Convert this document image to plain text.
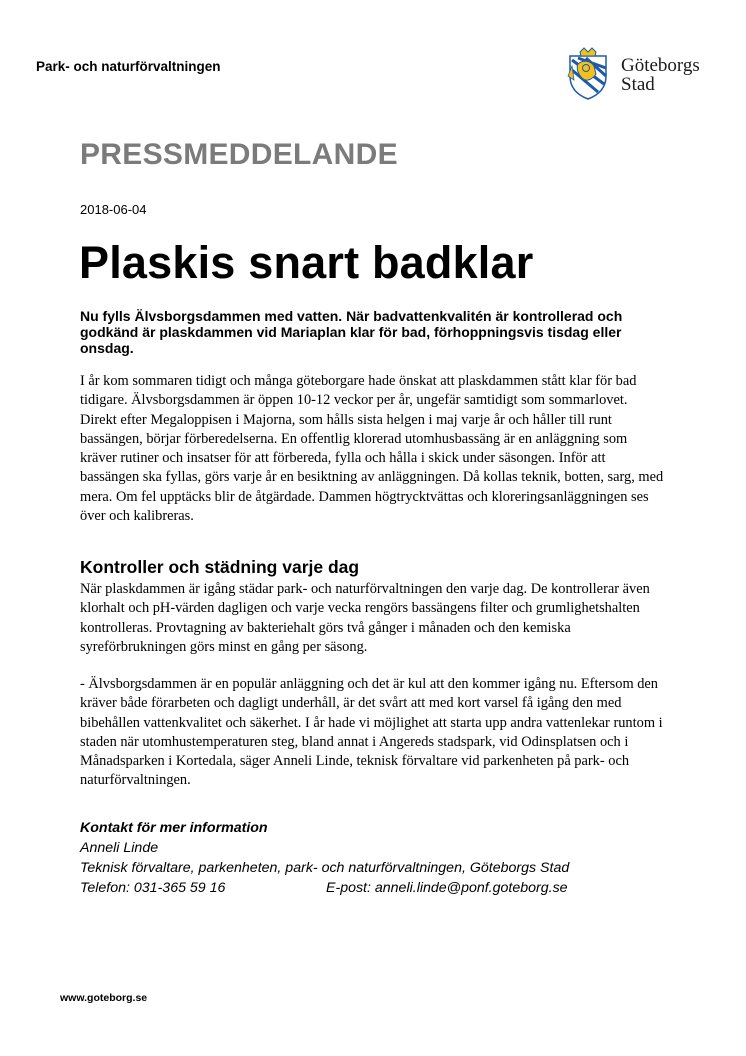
Park- och naturförvaltningen	Göteborgs
Stad
PRESSMEDDELANDE
2018-06-04
Plaskis snart badklar
Nu fylls Älvsborgsdammen med vatten. När badvattenkvalitén är kontrollerad och godkänd är plaskdammen vid Mariaplan klar för bad, förhoppningsvis tisdag eller onsdag.
I år kom sommaren tidigt och många göteborgare hade önskat att plaskdammen stått klar för bad tidigare. Älvsborgsdammen är öppen 10-12 veckor per år, ungefär samtidigt som sommarlovet. Direkt efter Megaloppisen i Majorna, som hålls sista helgen i maj varje år och håller till runt bassängen, börjar förberedelserna. En offentlig klorerad utomhusbassäng är en anläggning som kräver rutiner och insatser för att förbereda, fylla och hålla i skick under säsongen. Inför att bassängen ska fyllas, görs varje år en besiktning av anläggningen. Då kollas teknik, botten, sarg, med mera. Om fel upptäcks blir de åtgärdade. Dammen högtrycktvättas och kloreringsanläggningen ses över och kalibreras.
Kontroller och städning varje dag
När plaskdammen är igång städar park- och naturförvaltningen den varje dag. De kontrollerar även klorhalt och pH-värden dagligen och varje vecka rengörs bassängens filter och grumlighetshalten kontrolleras. Provtagning av bakteriehalt görs två gånger i månaden och den kemiska syreförbrukningen görs minst en gång per säsong.
- Älvsborgsdammen är en populär anläggning och det är kul att den kommer igång nu. Eftersom den kräver både förarbeten och dagligt underhåll, är det svårt att med kort varsel få igång den med bibehållen vattenkvalitet och säkerhet. I år hade vi möjlighet att starta upp andra vattenlekar runtom i staden när utomhustemperaturen steg, bland annat i Angereds stadspark, vid Odinsplatsen och i Månadsparken i Kortedala, säger Anneli Linde, teknisk förvaltare vid parkenheten på park- och naturförvaltningen.
Kontakt för mer information
Anneli Linde
Teknisk förvaltare, parkenheten, park- och naturförvaltningen, Göteborgs Stad
Telefon: 031-365 59 16	E-post: anneli.linde@ponf.goteborg.se
www.goteborg.se
